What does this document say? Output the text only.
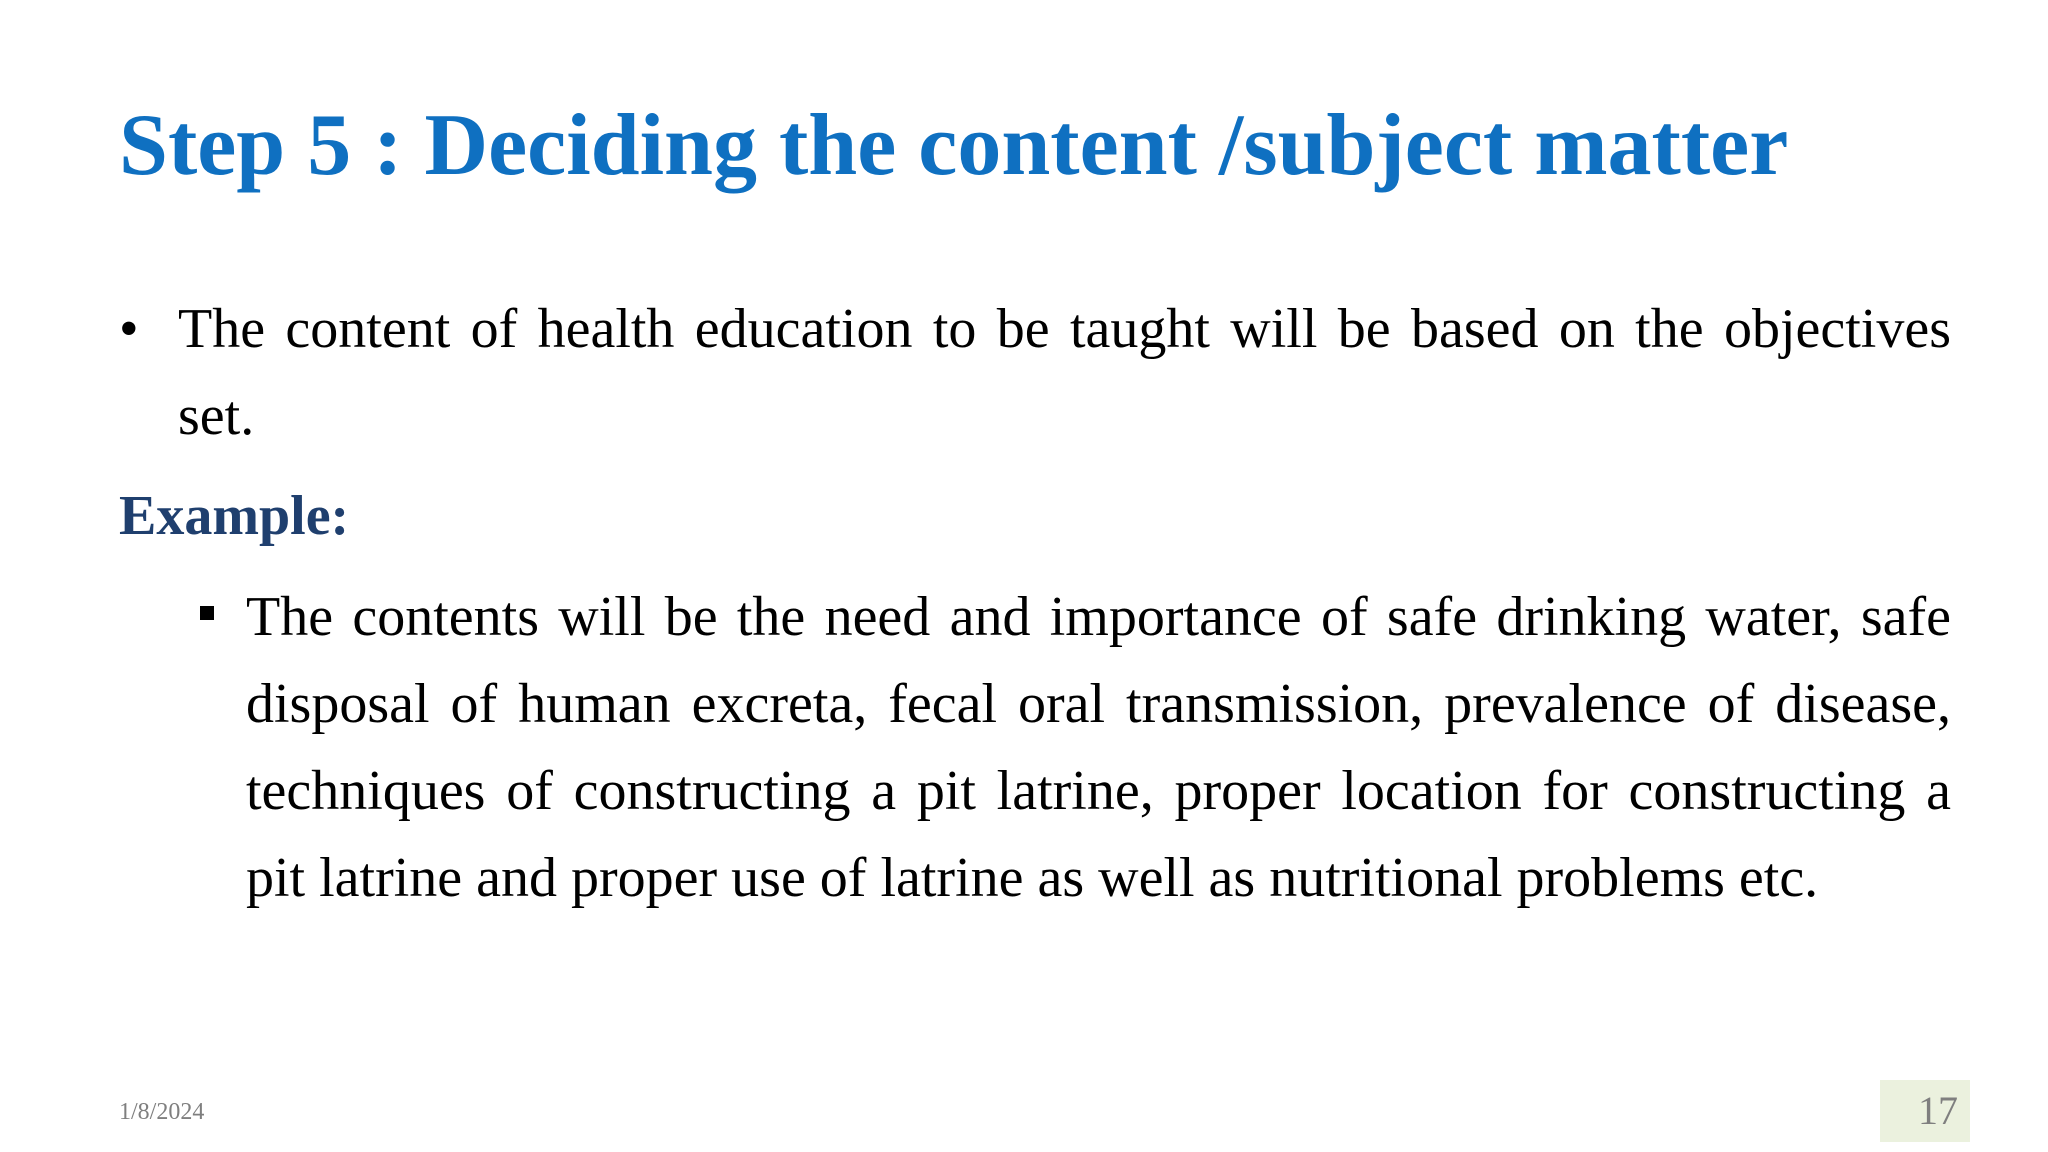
Step 5 : Deciding the content /subject matter
• The content of health education to be taught will be based on the objectives set.

Example:

The contents will be the need and importance of safe drinking water, safe disposal of human excreta, fecal oral transmission, prevalence of disease, techniques of constructing a pit latrine, proper location for constructing a pit latrine and proper use of latrine as well as nutritional problems etc.

1/8/2024	17
